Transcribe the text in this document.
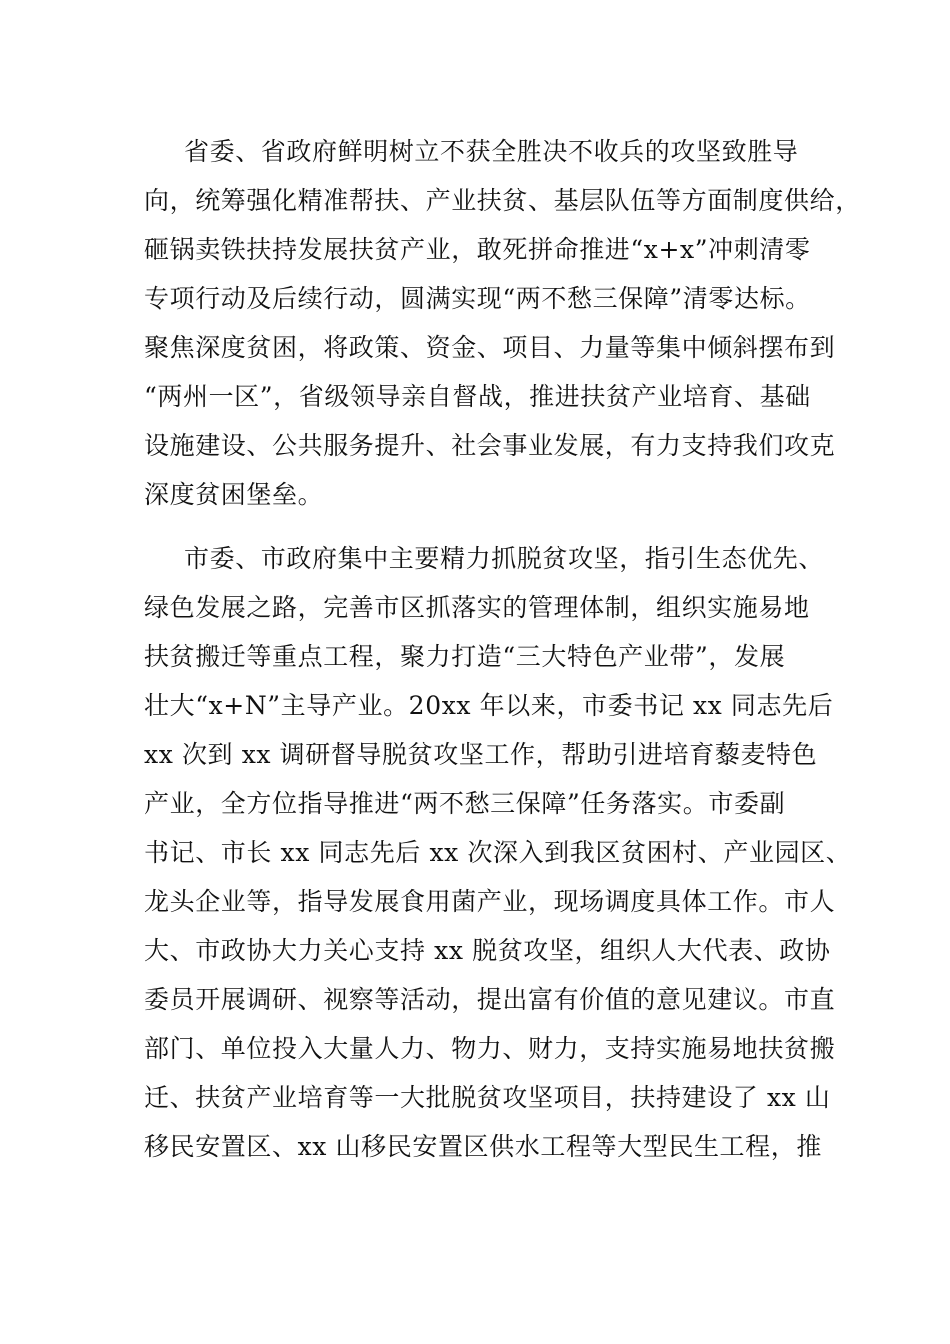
省委、省政府鲜明树立不获全胜决不收兵的攻坚致胜导
向，统筹强化精准帮扶、产业扶贫、基层队伍等方面制度供给，
砸锅卖铁扶持发展扶贫产业，敢死拼命推进“x+x”冲刺清零
专项行动及后续行动，圆满实现“两不愁三保障”清零达标。
聚焦深度贫困，将政策、资金、项目、力量等集中倾斜摆布到
“两州一区”，省级领导亲自督战，推进扶贫产业培育、基础
设施建设、公共服务提升、社会事业发展，有力支持我们攻克
深度贫困堡垒。
市委、市政府集中主要精力抓脱贫攻坚，指引生态优先、
绿色发展之路，完善市区抓落实的管理体制，组织实施易地
扶贫搬迁等重点工程，聚力打造“三大特色产业带”，发展
壮大“x+N”主导产业。20xx 年以来，市委书记 xx 同志先后
xx 次到 xx 调研督导脱贫攻坚工作，帮助引进培育藜麦特色
产业，全方位指导推进“两不愁三保障”任务落实。市委副
书记、市长 xx 同志先后 xx 次深入到我区贫困村、产业园区、
龙头企业等，指导发展食用菌产业，现场调度具体工作。市人
大、市政协大力关心支持 xx 脱贫攻坚，组织人大代表、政协
委员开展调研、视察等活动，提出富有价值的意见建议。市直
部门、单位投入大量人力、物力、财力，支持实施易地扶贫搬
迁、扶贫产业培育等一大批脱贫攻坚项目，扶持建设了 xx 山
移民安置区、xx 山移民安置区供水工程等大型民生工程，推
